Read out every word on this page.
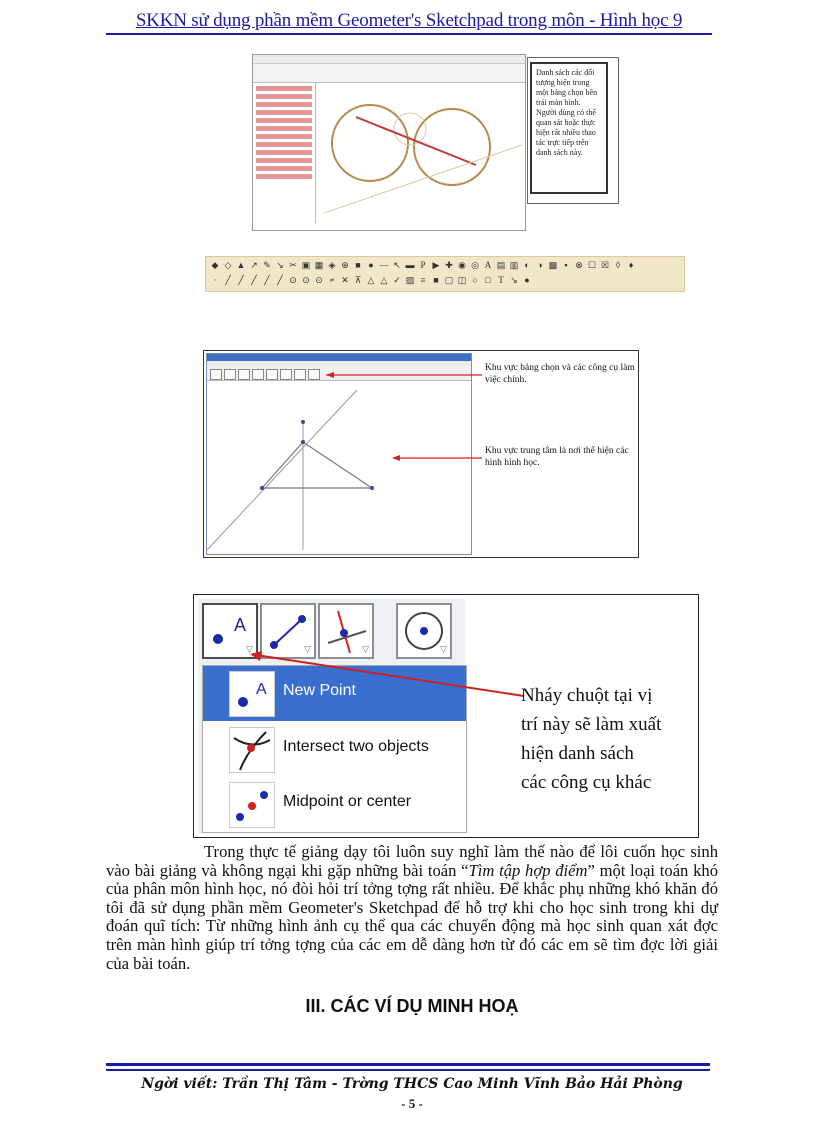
SKKN sử dụng phần mềm Geometer's Sketchpad trong môn - Hình học 9
Danh sách các đối tượng hiện trong một bảng chọn bên trái màn hình. Người dùng có thể quan sát hoặc thực hiện rất nhiều thao tác trực tiếp trên danh sách này.
◆ ◇ ▲ ↗ ✎ ↘ ✂ ▣ ▦ ◈ ⊕ ■ ● — ↖ ▬ P ▶ ✚ ◉ ◎ A ▤ ▥ ◐ ◑ ▩ ▪ ⊗ ☐ ☒ ◊ ♦
· ╱ ╱ ╱ ╱ ╱ ⊙ ⊙ ⊙ ≠ ✕ ⊼ △ △ ✓ ▨ ≡ ■ ▢ ◫ ○ □ T ↘ ●
Khu vực bảng chọn và các công cụ làm việc chính.
Khu vực trung tâm là nơi thể hiện các hình hình học.
A
▽	▽	▽	▽
A New Point
Intersect two objects
Midpoint or center
Nháy chuột tại vị
trí này sẽ làm xuất
hiện danh sách
các công cụ khác
Trong thực tế giảng dạy tôi luôn suy nghĩ làm thế nào để lôi cuốn học sinh vào bài giảng và không ngại khi gặp những bài toán “Tìm tập hợp điểm” một loại toán khó của phân môn hình học, nó đòi hỏi trí tởng tợng rất nhiều. Để khắc phụ những khó khăn đó tôi đã sử dụng phần mềm Geometer's Sketchpad để hỗ trợ khi cho học sinh trong khi dự đoán quĩ tích: Từ những hình ảnh cụ thể qua các chuyển động mà học sinh quan xát đợc trên màn hình giúp trí tởng tợng của các em dễ dàng hơn từ đó các em sẽ tìm đợc lời giải của bài toán.
III. CÁC VÍ DỤ MINH HOẠ
Ngời viết: Trần Thị Tâm - Trờng THCS Cao Minh Vĩnh Bảo Hải Phòng
- 5 -
